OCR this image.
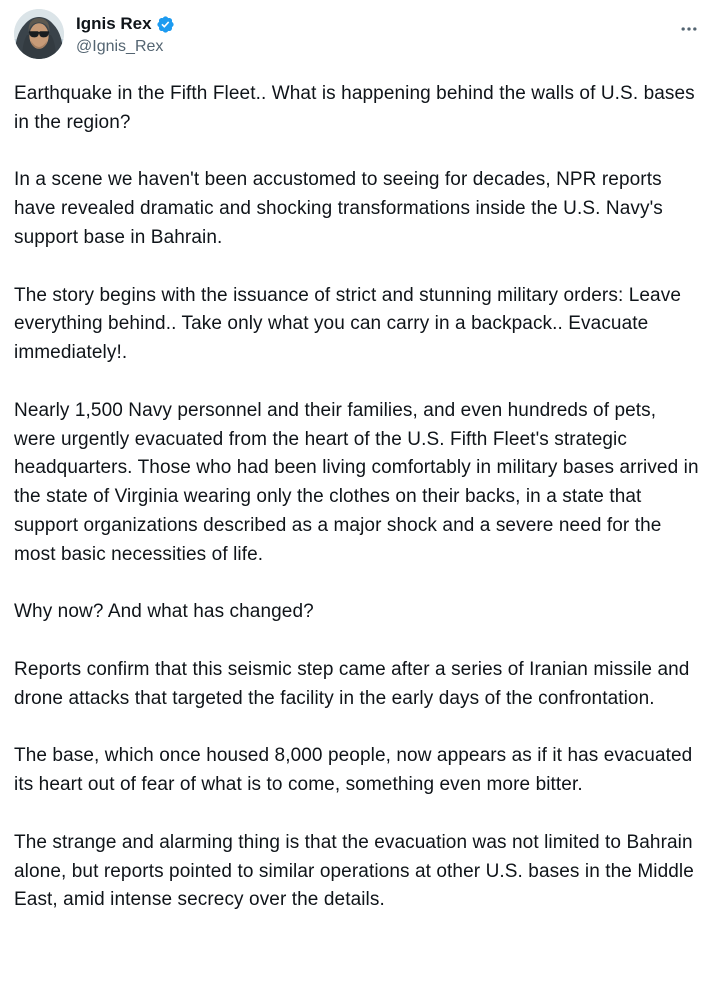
Ignis Rex
@Ignis_Rex

Earthquake in the Fifth Fleet.. What is happening behind the walls of U.S. bases in the region?

In a scene we haven't been accustomed to seeing for decades, NPR reports have revealed dramatic and shocking transformations inside the U.S. Navy's support base in Bahrain.

The story begins with the issuance of strict and stunning military orders: Leave everything behind.. Take only what you can carry in a backpack.. Evacuate immediately!.

Nearly 1,500 Navy personnel and their families, and even hundreds of pets, were urgently evacuated from the heart of the U.S. Fifth Fleet's strategic headquarters. Those who had been living comfortably in military bases arrived in the state of Virginia wearing only the clothes on their backs, in a state that support organizations described as a major shock and a severe need for the most basic necessities of life.

Why now? And what has changed?

Reports confirm that this seismic step came after a series of Iranian missile and drone attacks that targeted the facility in the early days of the confrontation.

The base, which once housed 8,000 people, now appears as if it has evacuated its heart out of fear of what is to come, something even more bitter.

The strange and alarming thing is that the evacuation was not limited to Bahrain alone, but reports pointed to similar operations at other U.S. bases in the Middle East, amid intense secrecy over the details.
